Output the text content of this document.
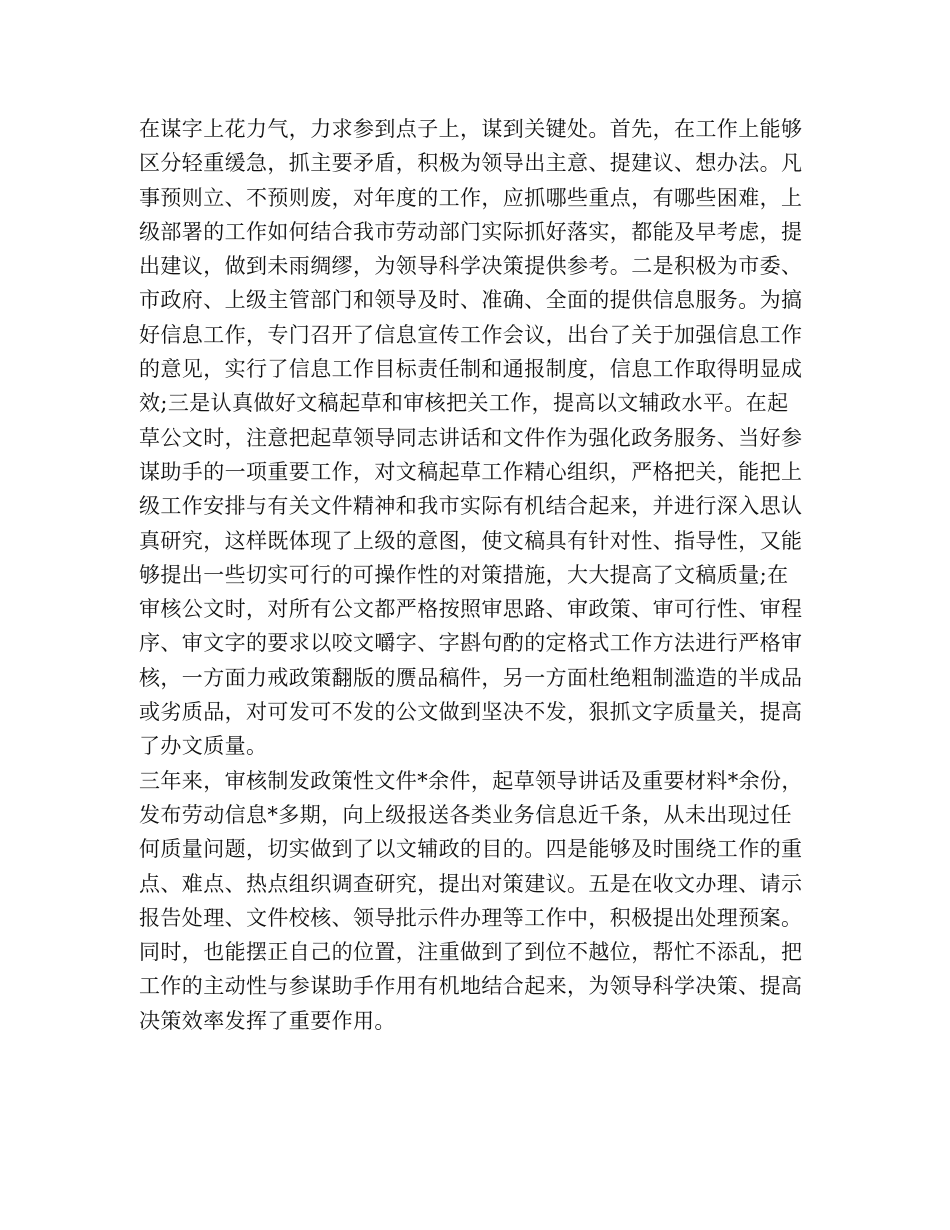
在谋字上花力气，力求参到点子上，谋到关键处。首先，在工作上能够
区分轻重缓急，抓主要矛盾，积极为领导出主意、提建议、想办法。凡
事预则立、不预则废，对年度的工作，应抓哪些重点，有哪些困难，上
级部署的工作如何结合我市劳动部门实际抓好落实，都能及早考虑，提
出建议，做到未雨绸缪，为领导科学决策提供参考。二是积极为市委、
市政府、上级主管部门和领导及时、准确、全面的提供信息服务。为搞
好信息工作，专门召开了信息宣传工作会议，出台了关于加强信息工作
的意见，实行了信息工作目标责任制和通报制度，信息工作取得明显成
效;三是认真做好文稿起草和审核把关工作，提高以文辅政水平。在起
草公文时，注意把起草领导同志讲话和文件作为强化政务服务、当好参
谋助手的一项重要工作，对文稿起草工作精心组织，严格把关，能把上
级工作安排与有关文件精神和我市实际有机结合起来，并进行深入思认
真研究，这样既体现了上级的意图，使文稿具有针对性、指导性，又能
够提出一些切实可行的可操作性的对策措施，大大提高了文稿质量;在
审核公文时，对所有公文都严格按照审思路、审政策、审可行性、审程
序、审文字的要求以咬文嚼字、字斟句酌的定格式工作方法进行严格审
核，一方面力戒政策翻版的赝品稿件，另一方面杜绝粗制滥造的半成品
或劣质品，对可发可不发的公文做到坚决不发，狠抓文字质量关，提高
了办文质量。
三年来，审核制发政策性文件*余件，起草领导讲话及重要材料*余份，
发布劳动信息*多期，向上级报送各类业务信息近千条，从未出现过任
何质量问题，切实做到了以文辅政的目的。四是能够及时围绕工作的重
点、难点、热点组织调查研究，提出对策建议。五是在收文办理、请示
报告处理、文件校核、领导批示件办理等工作中，积极提出处理预案。
同时，也能摆正自己的位置，注重做到了到位不越位，帮忙不添乱，把
工作的主动性与参谋助手作用有机地结合起来，为领导科学决策、提高
决策效率发挥了重要作用。
